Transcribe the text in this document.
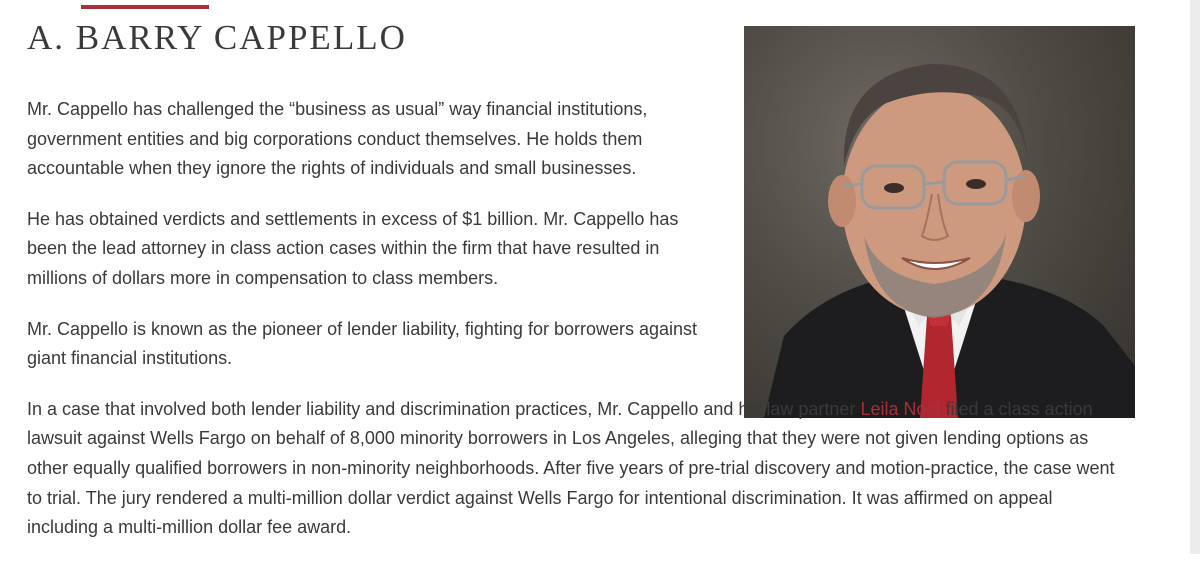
A. BARRY CAPPELLO

Mr. Cappello has challenged the “business as usual” way financial institutions, government entities and big corporations conduct themselves. He holds them accountable when they ignore the rights of individuals and small businesses.

He has obtained verdicts and settlements in excess of $1 billion. Mr. Cappello has been the lead attorney in class action cases within the firm that have resulted in millions of dollars more in compensation to class members.

Mr. Cappello is known as the pioneer of lender liability, fighting for borrowers against giant financial institutions.

In a case that involved both lender liability and discrimination practices, Mr. Cappello and his law partner Leila Noël filed a class action lawsuit against Wells Fargo on behalf of 8,000 minority borrowers in Los Angeles, alleging that they were not given lending options as other equally qualified borrowers in non-minority neighborhoods. After five years of pre-trial discovery and motion-practice, the case went to trial. The jury rendered a multi-million dollar verdict against Wells Fargo for intentional discrimination. It was affirmed on appeal including a multi-million dollar fee award.
